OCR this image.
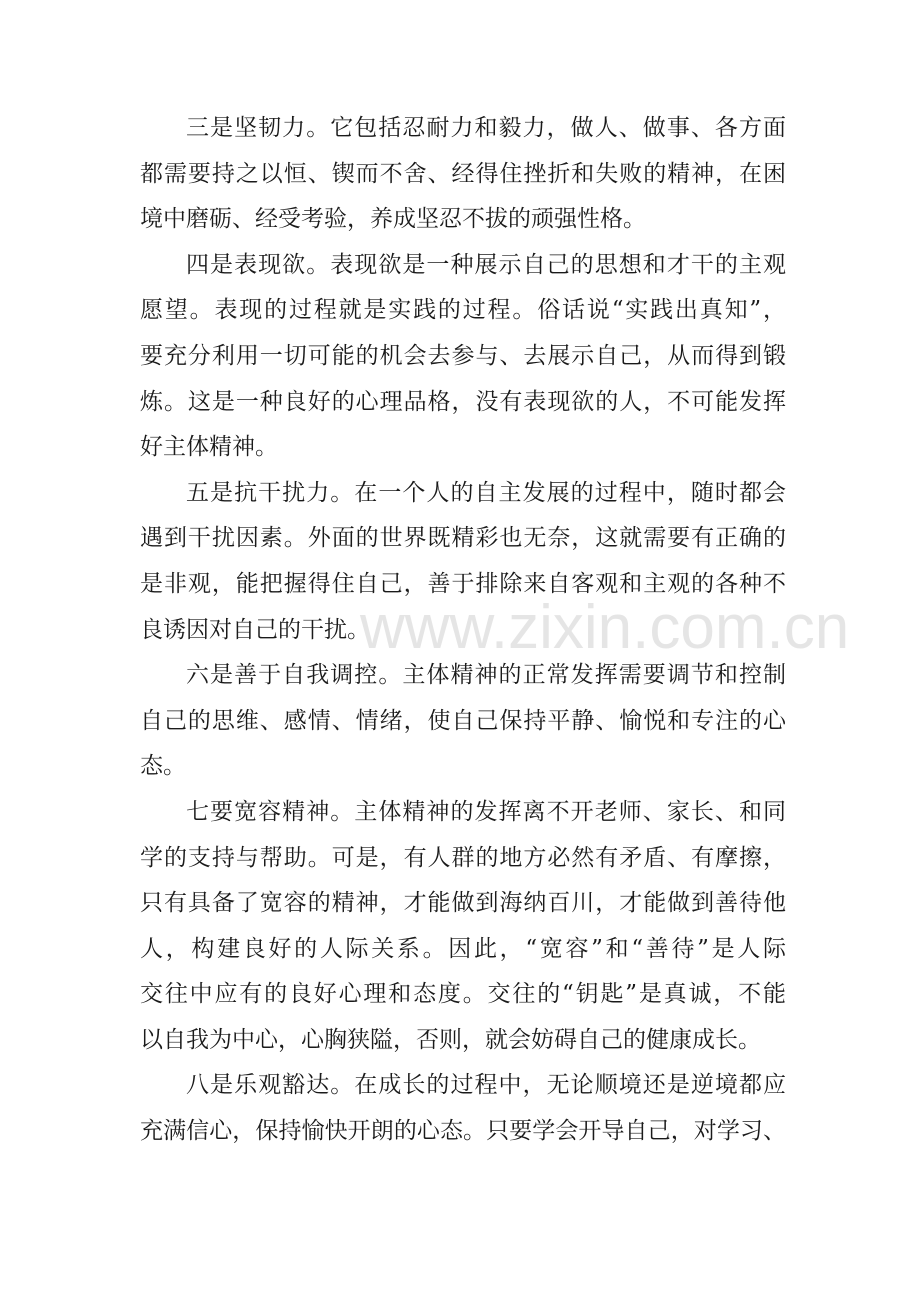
三是坚韧力。它包括忍耐力和毅力，做人、做事、各方面
都需要持之以恒、锲而不舍、经得住挫折和失败的精神，在困
境中磨砺、经受考验，养成坚忍不拔的顽强性格。
四是表现欲。表现欲是一种展示自己的思想和才干的主观
愿望。表现的过程就是实践的过程。俗话说“实践出真知”，
要充分利用一切可能的机会去参与、去展示自己，从而得到锻
炼。这是一种良好的心理品格，没有表现欲的人，不可能发挥
好主体精神。
五是抗干扰力。在一个人的自主发展的过程中，随时都会
遇到干扰因素。外面的世界既精彩也无奈，这就需要有正确的
是非观，能把握得住自己，善于排除来自客观和主观的各种不
良诱因对自己的干扰。
六是善于自我调控。主体精神的正常发挥需要调节和控制
自己的思维、感情、情绪，使自己保持平静、愉悦和专注的心
态。
七要宽容精神。主体精神的发挥离不开老师、家长、和同
学的支持与帮助。可是，有人群的地方必然有矛盾、有摩擦，
只有具备了宽容的精神，才能做到海纳百川，才能做到善待他
人，构建良好的人际关系。因此，“宽容”和“善待”是人际
交往中应有的良好心理和态度。交往的“钥匙”是真诚，不能
以自我为中心，心胸狭隘，否则，就会妨碍自己的健康成长。
八是乐观豁达。在成长的过程中，无论顺境还是逆境都应
充满信心，保持愉快开朗的心态。只要学会开导自己，对学习、
www.zixin.com.cn
